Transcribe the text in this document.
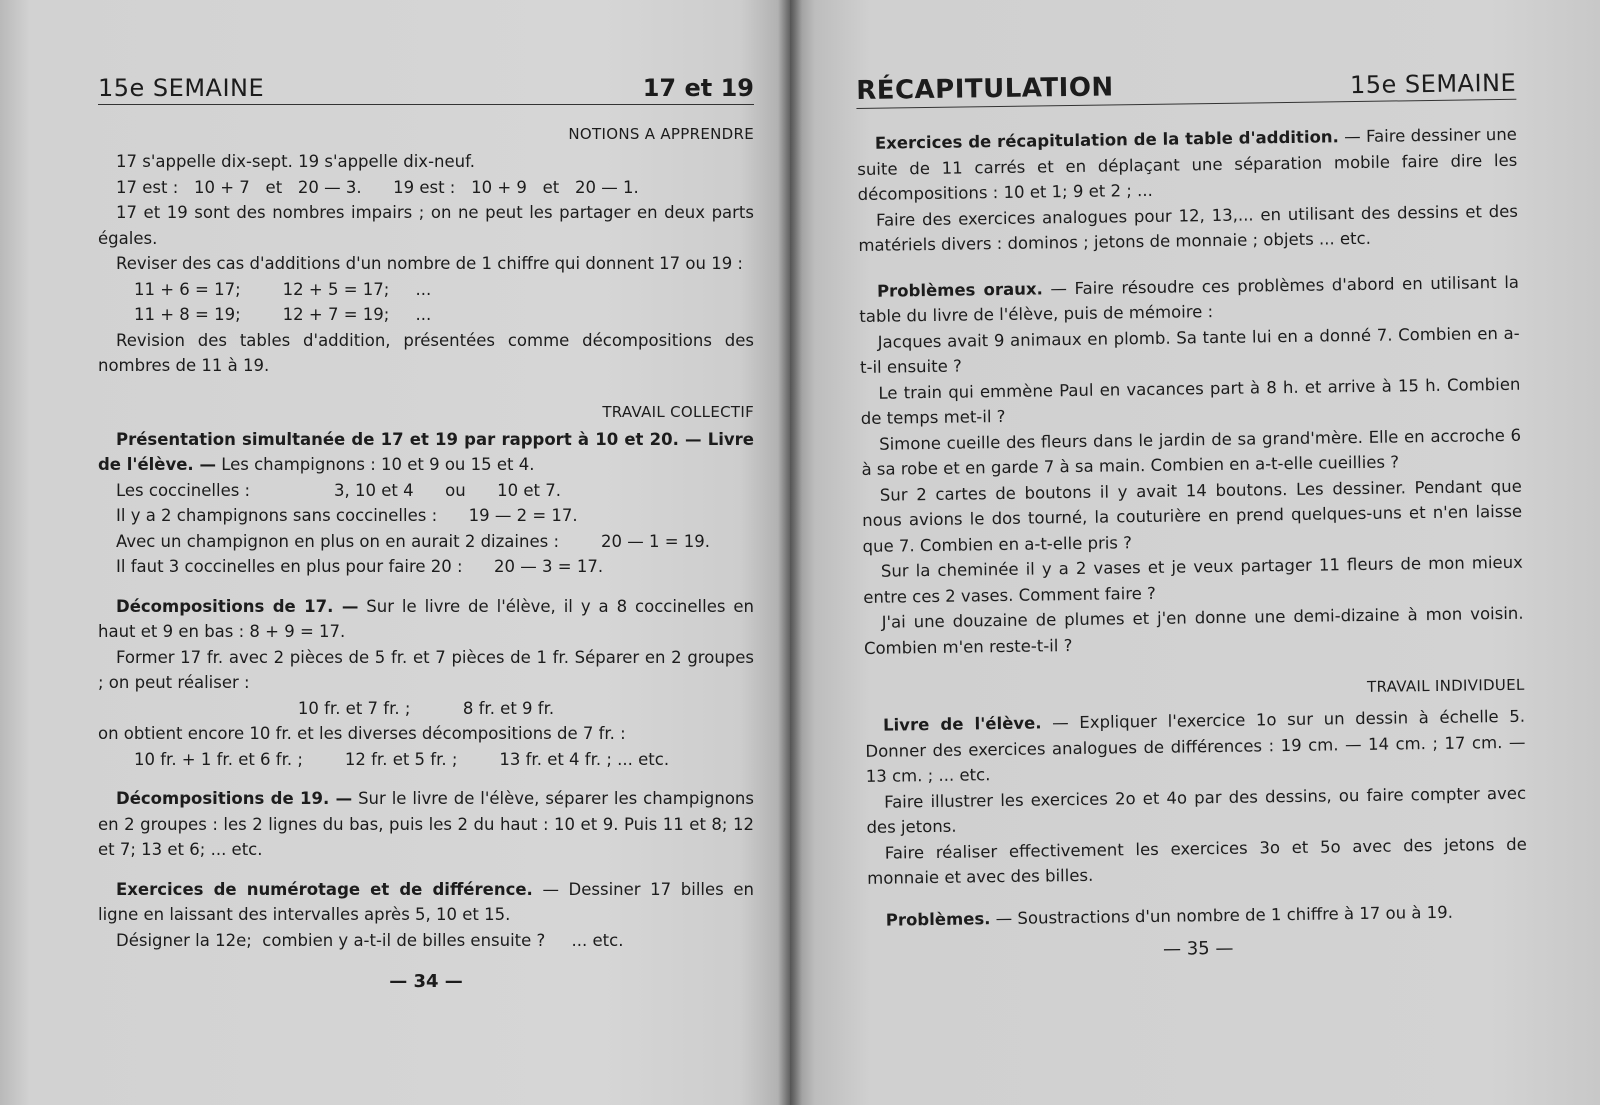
15e SEMAINE	17 et 19
NOTIONS A APPRENDRE

17 s'appelle dix-sept. 19 s'appelle dix-neuf.

17 est :   10 + 7   et   20 — 3.      19 est :   10 + 9   et   20 — 1.

17 et 19 sont des nombres impairs ; on ne peut les partager en deux parts égales.

Reviser des cas d'additions d'un nombre de 1 chiffre qui donnent 17 ou 19 :

11 + 6 = 17;        12 + 5 = 17;     ...

11 + 8 = 19;        12 + 7 = 19;     ...

Revision des tables d'addition, présentées comme décompositions des nombres de 11 à 19.

TRAVAIL COLLECTIF

Présentation simultanée de 17 et 19 par rapport à 10 et 20. — Livre de l'élève. — Les champignons : 10 et 9 ou 15 et 4.

Les coccinelles :                3, 10 et 4      ou      10 et 7.

Il y a 2 champignons sans coccinelles :      19 — 2 = 17.

Avec un champignon en plus on en aurait 2 dizaines :        20 — 1 = 19.

Il faut 3 coccinelles en plus pour faire 20 :      20 — 3 = 17.

Décompositions de 17. — Sur le livre de l'élève, il y a 8 coccinelles en haut et 9 en bas : 8 + 9 = 17.

Former 17 fr. avec 2 pièces de 5 fr. et 7 pièces de 1 fr. Séparer en 2 groupes ; on peut réaliser :

10 fr. et 7 fr. ;          8 fr. et 9 fr.

on obtient encore 10 fr. et les diverses décompositions de 7 fr. :

10 fr. + 1 fr. et 6 fr. ;        12 fr. et 5 fr. ;        13 fr. et 4 fr. ; ... etc.

Décompositions de 19. — Sur le livre de l'élève, séparer les champignons en 2 groupes : les 2 lignes du bas, puis les 2 du haut : 10 et 9. Puis 11 et 8; 12 et 7; 13 et 6; ... etc.

Exercices de numérotage et de différence. — Dessiner 17 billes en ligne en laissant des intervalles après 5, 10 et 15.

Désigner la 12e;  combien y a-t-il de billes ensuite ?     ... etc.

— 34 —
RÉCAPITULATION	15e SEMAINE

Exercices de récapitulation de la table d'addition. — Faire dessiner une suite de 11 carrés et en déplaçant une séparation mobile faire dire les décompositions : 10 et 1; 9 et 2 ; ...

Faire des exercices analogues pour 12, 13,... en utilisant des dessins et des matériels divers : dominos ; jetons de monnaie ; objets ... etc.

Problèmes oraux. — Faire résoudre ces problèmes d'abord en utilisant la table du livre de l'élève, puis de mémoire :

Jacques avait 9 animaux en plomb. Sa tante lui en a donné 7. Combien en a-t-il ensuite ?

Le train qui emmène Paul en vacances part à 8 h. et arrive à 15 h. Combien de temps met-il ?

Simone cueille des fleurs dans le jardin de sa grand'mère. Elle en accroche 6 à sa robe et en garde 7 à sa main. Combien en a-t-elle cueillies ?

Sur 2 cartes de boutons il y avait 14 boutons. Les dessiner. Pendant que nous avions le dos tourné, la couturière en prend quelques-uns et n'en laisse que 7. Combien en a-t-elle pris ?

Sur la cheminée il y a 2 vases et je veux partager 11 fleurs de mon mieux entre ces 2 vases. Comment faire ?

J'ai une douzaine de plumes et j'en donne une demi-dizaine à mon voisin. Combien m'en reste-t-il ?

TRAVAIL INDIVIDUEL

Livre de l'élève. — Expliquer l'exercice 1o sur un dessin à échelle 5. Donner des exercices analogues de différences : 19 cm. — 14 cm. ; 17 cm. — 13 cm. ; ... etc.

Faire illustrer les exercices 2o et 4o par des dessins, ou faire compter avec des jetons.

Faire réaliser effectivement les exercices 3o et 5o avec des jetons de monnaie et avec des billes.

Problèmes. — Soustractions d'un nombre de 1 chiffre à 17 ou à 19.

— 35 —
